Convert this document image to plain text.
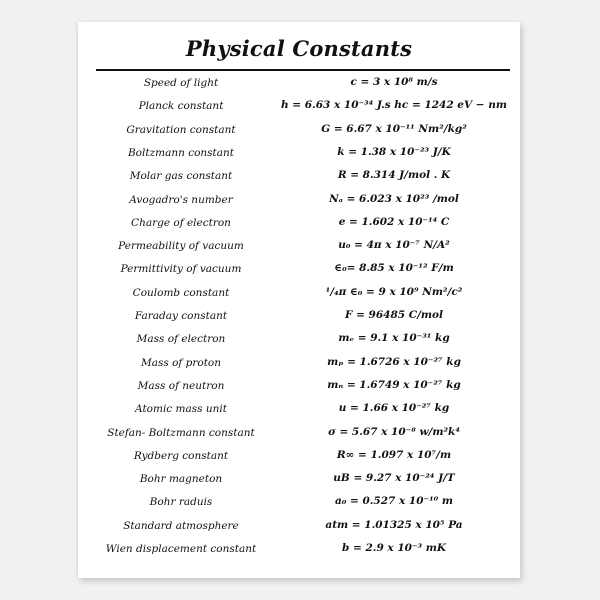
Physical Constants
Speed of light	c = 3 x 10⁸ m/s
Planck constant	h = 6.63 x 10⁻³⁴ J.s hc = 1242 eV − nm
Gravitation constant	G = 6.67 x 10⁻¹¹ Nm²/kg²
Boltzmann constant	k = 1.38 x 10⁻²³ J/K
Molar gas constant	R = 8.314 J/mol . K
Avogadro's number	Nₐ = 6.023 x 10²³ /mol
Charge of electron	e = 1.602 x 10⁻¹⁴ C
Permeability of vacuum	u₀ = 4π x 10⁻⁷ N/A²
Permittivity of vacuum	∈₀= 8.85 x 10⁻¹² F/m
Coulomb constant	¹/₄π ∈₀ = 9 x 10⁹ Nm²/c²
Faraday constant	F = 96485 C/mol
Mass of electron	mₑ = 9.1 x 10⁻³¹ kg
Mass of proton	mₚ = 1.6726 x 10⁻²⁷ kg
Mass of neutron	mₙ = 1.6749 x 10⁻²⁷ kg
Atomic mass unit	u = 1.66 x 10⁻²⁷ kg
Stefan- Boltzmann constant	σ = 5.67 x 10⁻⁸ w/m²k⁴
Rydberg constant	R∞ = 1.097 x 10⁷/m
Bohr magneton	uB = 9.27 x 10⁻²⁴ J/T
Bohr raduis	a₀ = 0.527 x 10⁻¹⁰ m
Standard atmosphere	atm = 1.01325 x 10⁵ Pa
Wien displacement constant	b = 2.9 x 10⁻³ mK
